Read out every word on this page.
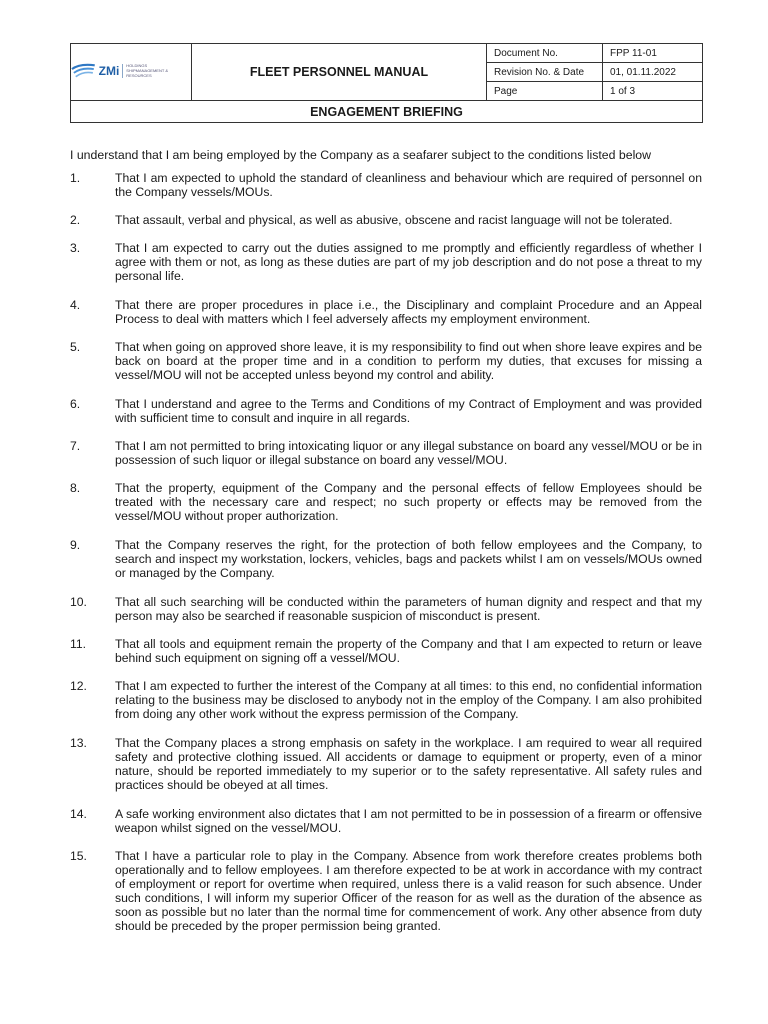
ZMi HOLDINGS
SHIPMANAGEMENT & RESOURCES	FLEET PERSONNEL MANUAL	Document No.	FPP 11-01
		Revision No. & Date	01, 01.11.2022
		Page	1 of 3
ENGAGEMENT BRIEFING			

I understand that I am being employed by the Company as a seafarer subject to the conditions listed below

1.	That I am expected to uphold the standard of cleanliness and behaviour which are required of personnel on the Company vessels/MOUs.
2.	That assault, verbal and physical, as well as abusive, obscene and racist language will not be tolerated.
3.	That I am expected to carry out the duties assigned to me promptly and efficiently regardless of whether I agree with them or not, as long as these duties are part of my job description and do not pose a threat to my personal life.
4.	That there are proper procedures in place i.e., the Disciplinary and complaint Procedure and an Appeal Process to deal with matters which I feel adversely affects my employment environment.
5.	That when going on approved shore leave, it is my responsibility to find out when shore leave expires and be back on board at the proper time and in a condition to perform my duties, that excuses for missing a vessel/MOU will not be accepted unless beyond my control and ability.
6.	That I understand and agree to the Terms and Conditions of my Contract of Employment and was provided with sufficient time to consult and inquire in all regards.
7.	That I am not permitted to bring intoxicating liquor or any illegal substance on board any vessel/MOU or be in possession of such liquor or illegal substance on board any vessel/MOU.
8.	That the property, equipment of the Company and the personal effects of fellow Employees should be treated with the necessary care and respect; no such property or effects may be removed from the vessel/MOU without proper authorization.
9.	That the Company reserves the right, for the protection of both fellow employees and the Company, to search and inspect my workstation, lockers, vehicles, bags and packets whilst I am on vessels/MOUs owned or managed by the Company.
10. That all such searching will be conducted within the parameters of human dignity and respect and that my person may also be searched if reasonable suspicion of misconduct is present.
11. That all tools and equipment remain the property of the Company and that I am expected to return or leave behind such equipment on signing off a vessel/MOU.
12. That I am expected to further the interest of the Company at all times: to this end, no confidential information relating to the business may be disclosed to anybody not in the employ of the Company. I am also prohibited from doing any other work without the express permission of the Company.
13. That the Company places a strong emphasis on safety in the workplace. I am required to wear all required safety and protective clothing issued. All accidents or damage to equipment or property, even of a minor nature, should be reported immediately to my superior or to the safety representative. All safety rules and practices should be obeyed at all times.
14. A safe working environment also dictates that I am not permitted to be in possession of a firearm or offensive weapon whilst signed on the vessel/MOU.
15. That I have a particular role to play in the Company. Absence from work therefore creates problems both operationally and to fellow employees. I am therefore expected to be at work in accordance with my contract of employment or report for overtime when required, unless there is a valid reason for such absence. Under such conditions, I will inform my superior Officer of the reason for as well as the duration of the absence as soon as possible but no later than the normal time for commencement of work. Any other absence from duty should be preceded by the proper permission being granted.
